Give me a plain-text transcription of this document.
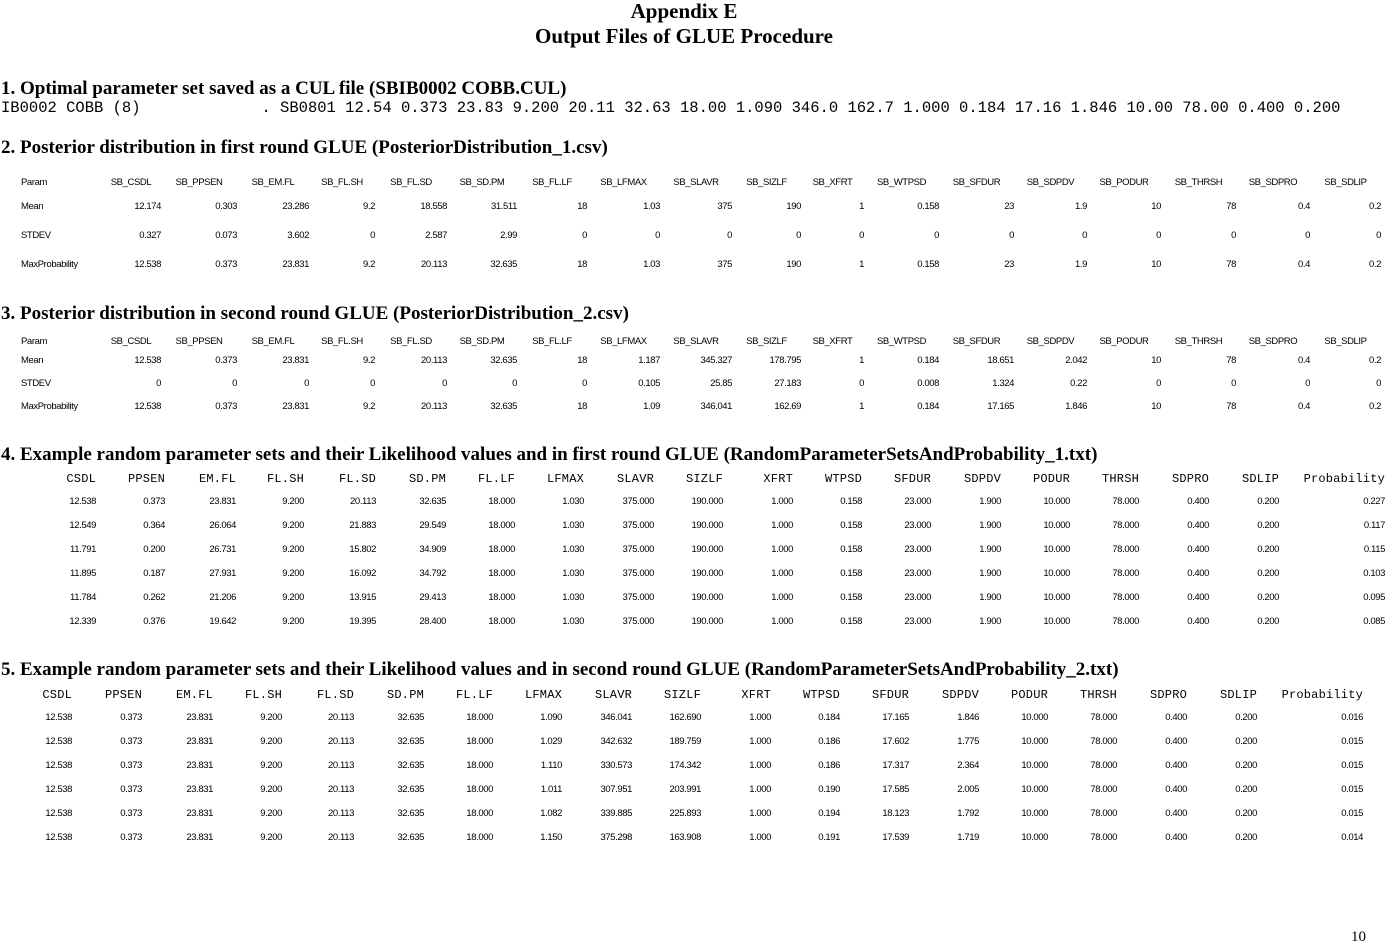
Appendix E
Output Files of GLUE Procedure
1. Optimal parameter set saved as a CUL file (SBIB0002 COBB.CUL)
IB0002 COBB (8)             . SB0801 12.54 0.373 23.83 9.200 20.11 32.63 18.00 1.090 346.0 162.7 1.000 0.184 17.16 1.846 10.00 78.00 0.400 0.200
2. Posterior distribution in first round GLUE (PosteriorDistribution_1.csv)
Param	SB_CSDL	SB_PPSEN	SB_EM.FL	SB_FL.SH	SB_FL.SD	SB_SD.PM	SB_FL.LF	SB_LFMAX	SB_SLAVR	SB_SIZLF	SB_XFRT	SB_WTPSD	SB_SFDUR	SB_SDPDV	SB_PODUR	SB_THRSH	SB_SDPRO	SB_SDLIP
Mean	12.174	0.303	23.286	9.2	18.558	31.511	18	1.03	375	190	1	0.158	23	1.9	10	78	0.4	0.2
STDEV	0.327	0.073	3.602	0	2.587	2.99	0	0	0	0	0	0	0	0	0	0	0	0
MaxProbability	12.538	0.373	23.831	9.2	20.113	32.635	18	1.03	375	190	1	0.158	23	1.9	10	78	0.4	0.2
3. Posterior distribution in second round GLUE (PosteriorDistribution_2.csv)
Param	SB_CSDL	SB_PPSEN	SB_EM.FL	SB_FL.SH	SB_FL.SD	SB_SD.PM	SB_FL.LF	SB_LFMAX	SB_SLAVR	SB_SIZLF	SB_XFRT	SB_WTPSD	SB_SFDUR	SB_SDPDV	SB_PODUR	SB_THRSH	SB_SDPRO	SB_SDLIP
Mean	12.538	0.373	23.831	9.2	20.113	32.635	18	1.187	345.327	178.795	1	0.184	18.651	2.042	10	78	0.4	0.2
STDEV	0	0	0	0	0	0	0	0.105	25.85	27.183	0	0.008	1.324	0.22	0	0	0	0
MaxProbability	12.538	0.373	23.831	9.2	20.113	32.635	18	1.09	346.041	162.69	1	0.184	17.165	1.846	10	78	0.4	0.2
4. Example random parameter sets and their Likelihood values and in first round GLUE (RandomParameterSetsAndProbability_1.txt)
CSDL	PPSEN	EM.FL	FL.SH	FL.SD	SD.PM	FL.LF	LFMAX	SLAVR	SIZLF	XFRT	WTPSD	SFDUR	SDPDV	PODUR	THRSH	SDPRO	SDLIP	Probability
12.538	0.373	23.831	9.200	20.113	32.635	18.000	1.030	375.000	190.000	1.000	0.158	23.000	1.900	10.000	78.000	0.400	0.200	0.227
12.549	0.364	26.064	9.200	21.883	29.549	18.000	1.030	375.000	190.000	1.000	0.158	23.000	1.900	10.000	78.000	0.400	0.200	0.117
11.791	0.200	26.731	9.200	15.802	34.909	18.000	1.030	375.000	190.000	1.000	0.158	23.000	1.900	10.000	78.000	0.400	0.200	0.115
11.895	0.187	27.931	9.200	16.092	34.792	18.000	1.030	375.000	190.000	1.000	0.158	23.000	1.900	10.000	78.000	0.400	0.200	0.103
11.784	0.262	21.206	9.200	13.915	29.413	18.000	1.030	375.000	190.000	1.000	0.158	23.000	1.900	10.000	78.000	0.400	0.200	0.095
12.339	0.376	19.642	9.200	19.395	28.400	18.000	1.030	375.000	190.000	1.000	0.158	23.000	1.900	10.000	78.000	0.400	0.200	0.085
5. Example random parameter sets and their Likelihood values and in second round GLUE (RandomParameterSetsAndProbability_2.txt)
CSDL	PPSEN	EM.FL	FL.SH	FL.SD	SD.PM	FL.LF	LFMAX	SLAVR	SIZLF	XFRT	WTPSD	SFDUR	SDPDV	PODUR	THRSH	SDPRO	SDLIP	Probability
12.538	0.373	23.831	9.200	20.113	32.635	18.000	1.090	346.041	162.690	1.000	0.184	17.165	1.846	10.000	78.000	0.400	0.200	0.016
12.538	0.373	23.831	9.200	20.113	32.635	18.000	1.029	342.632	189.759	1.000	0.186	17.602	1.775	10.000	78.000	0.400	0.200	0.015
12.538	0.373	23.831	9.200	20.113	32.635	18.000	1.110	330.573	174.342	1.000	0.186	17.317	2.364	10.000	78.000	0.400	0.200	0.015
12.538	0.373	23.831	9.200	20.113	32.635	18.000	1.011	307.951	203.991	1.000	0.190	17.585	2.005	10.000	78.000	0.400	0.200	0.015
12.538	0.373	23.831	9.200	20.113	32.635	18.000	1.082	339.885	225.893	1.000	0.194	18.123	1.792	10.000	78.000	0.400	0.200	0.015
12.538	0.373	23.831	9.200	20.113	32.635	18.000	1.150	375.298	163.908	1.000	0.191	17.539	1.719	10.000	78.000	0.400	0.200	0.014
10
